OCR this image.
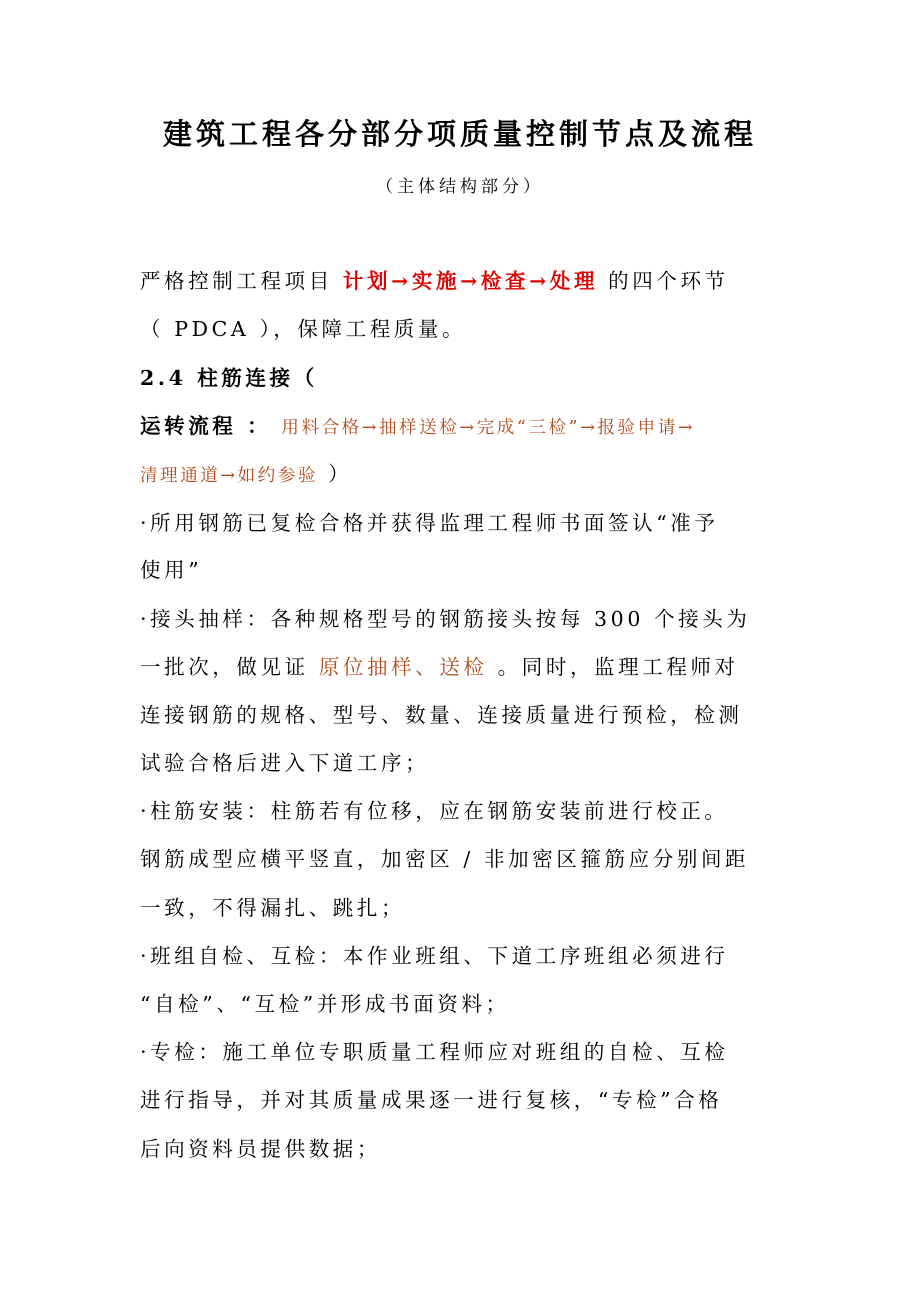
建筑工程各分部分项质量控制节点及流程
（主体结构部分）
严格控制工程项目 计划→实施→检查→处理 的四个环节
（ PDCA ），保障工程质量。
2.4 柱筋连接（
运转流程 ： 用料合格→抽样送检→完成“三检”→报验申请→
清理通道→如约参验 ）
·所用钢筋已复检合格并获得监理工程师书面签认“准予
使用”
·接头抽样：各种规格型号的钢筋接头按每 300 个接头为
一批次，做见证 原位抽样、送检 。同时，监理工程师对
连接钢筋的规格、型号、数量、连接质量进行预检，检测
试验合格后进入下道工序；
·柱筋安装：柱筋若有位移，应在钢筋安装前进行校正。
钢筋成型应横平竖直，加密区 / 非加密区箍筋应分别间距
一致，不得漏扎、跳扎；
·班组自检、互检：本作业班组、下道工序班组必须进行
“自检”、“互检”并形成书面资料；
·专检：施工单位专职质量工程师应对班组的自检、互检
进行指导，并对其质量成果逐一进行复核，“专检”合格
后向资料员提供数据；
